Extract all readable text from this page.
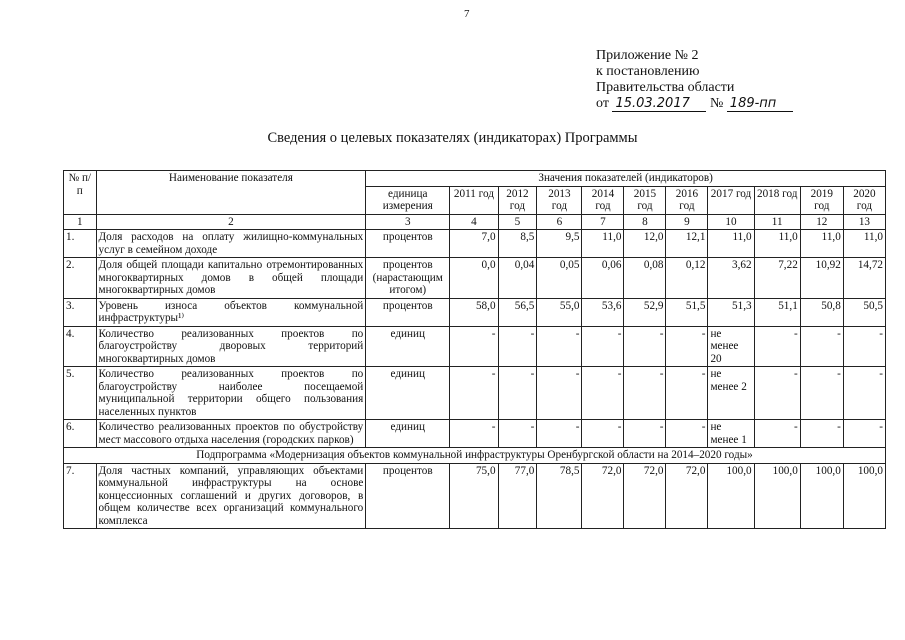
7
Приложение № 2
к постановлению
Правительства области
от 15.03.2017 № 189-пп
Сведения о целевых показателях (индикаторах) Программы
№ п/п	Наименование показателя	Значения показателей (индикаторов)										
		единица измерения	2011 год	2012 год	2013 год	2014 год	2015 год	2016 год	2017 год	2018 год	2019 год	2020 год
1	2	3	4	5	6	7	8	9	10	11	12	13
1.	Доля расходов на оплату жилищно-коммунальных услуг в семейном доходе	процентов	7,0	8,5	9,5	11,0	12,0	12,1	11,0	11,0	11,0	11,0
2.	Доля общей площади капитально отремонтированных многоквартирных домов в общей площади многоквартирных домов	процентов (нарастающим итогом)	0,0	0,04	0,05	0,06	0,08	0,12	3,62	7,22	10,92	14,72
3.	Уровень износа объектов коммунальной инфраструктуры¹⁾	процентов	58,0	56,5	55,0	53,6	52,9	51,5	51,3	51,1	50,8	50,5
4.	Количество реализованных проектов по благоустройству дворовых территорий многоквартирных домов	единиц	-	-	-	-	-	-	не менее 20	-	-	-
5.	Количество реализованных проектов по благоустройству наиболее посещаемой муниципальной территории общего пользования населенных пунктов	единиц	-	-	-	-	-	-	не менее 2	-	-	-
6.	Количество реализованных проектов по обустройству мест массового отдыха населения (городских парков)	единиц	-	-	-	-	-	-	не менее 1	-	-	-
Подпрограмма «Модернизация объектов коммунальной инфраструктуры Оренбургской области на 2014–2020 годы»												
7.	Доля частных компаний, управляющих объектами коммунальной инфраструктуры на основе концессионных соглашений и других договоров, в общем количестве всех организаций коммунального комплекса	процентов	75,0	77,0	78,5	72,0	72,0	72,0	100,0	100,0	100,0	100,0
